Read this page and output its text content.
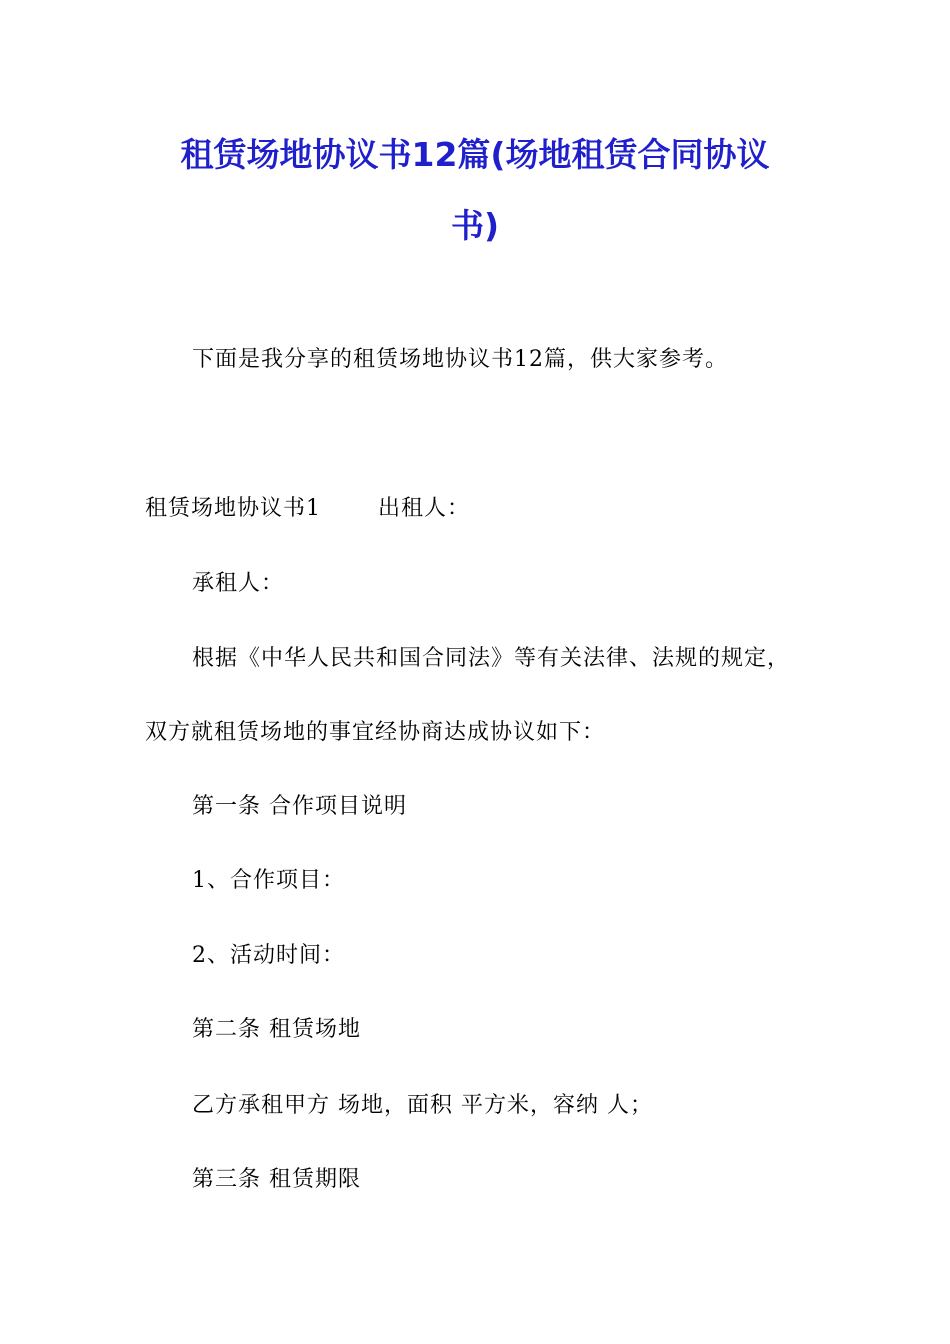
租赁场地协议书12篇(场地租赁合同协议
书)
下面是我分享的租赁场地协议书12篇，供大家参考。
租赁场地协议书1	出租人：
承租人：
根据《中华人民共和国合同法》等有关法律、法规的规定，
双方就租赁场地的事宜经协商达成协议如下：
第一条 合作项目说明
1、合作项目：
2、活动时间：
第二条 租赁场地
乙方承租甲方 场地，面积 平方米，容纳 人；
第三条 租赁期限
